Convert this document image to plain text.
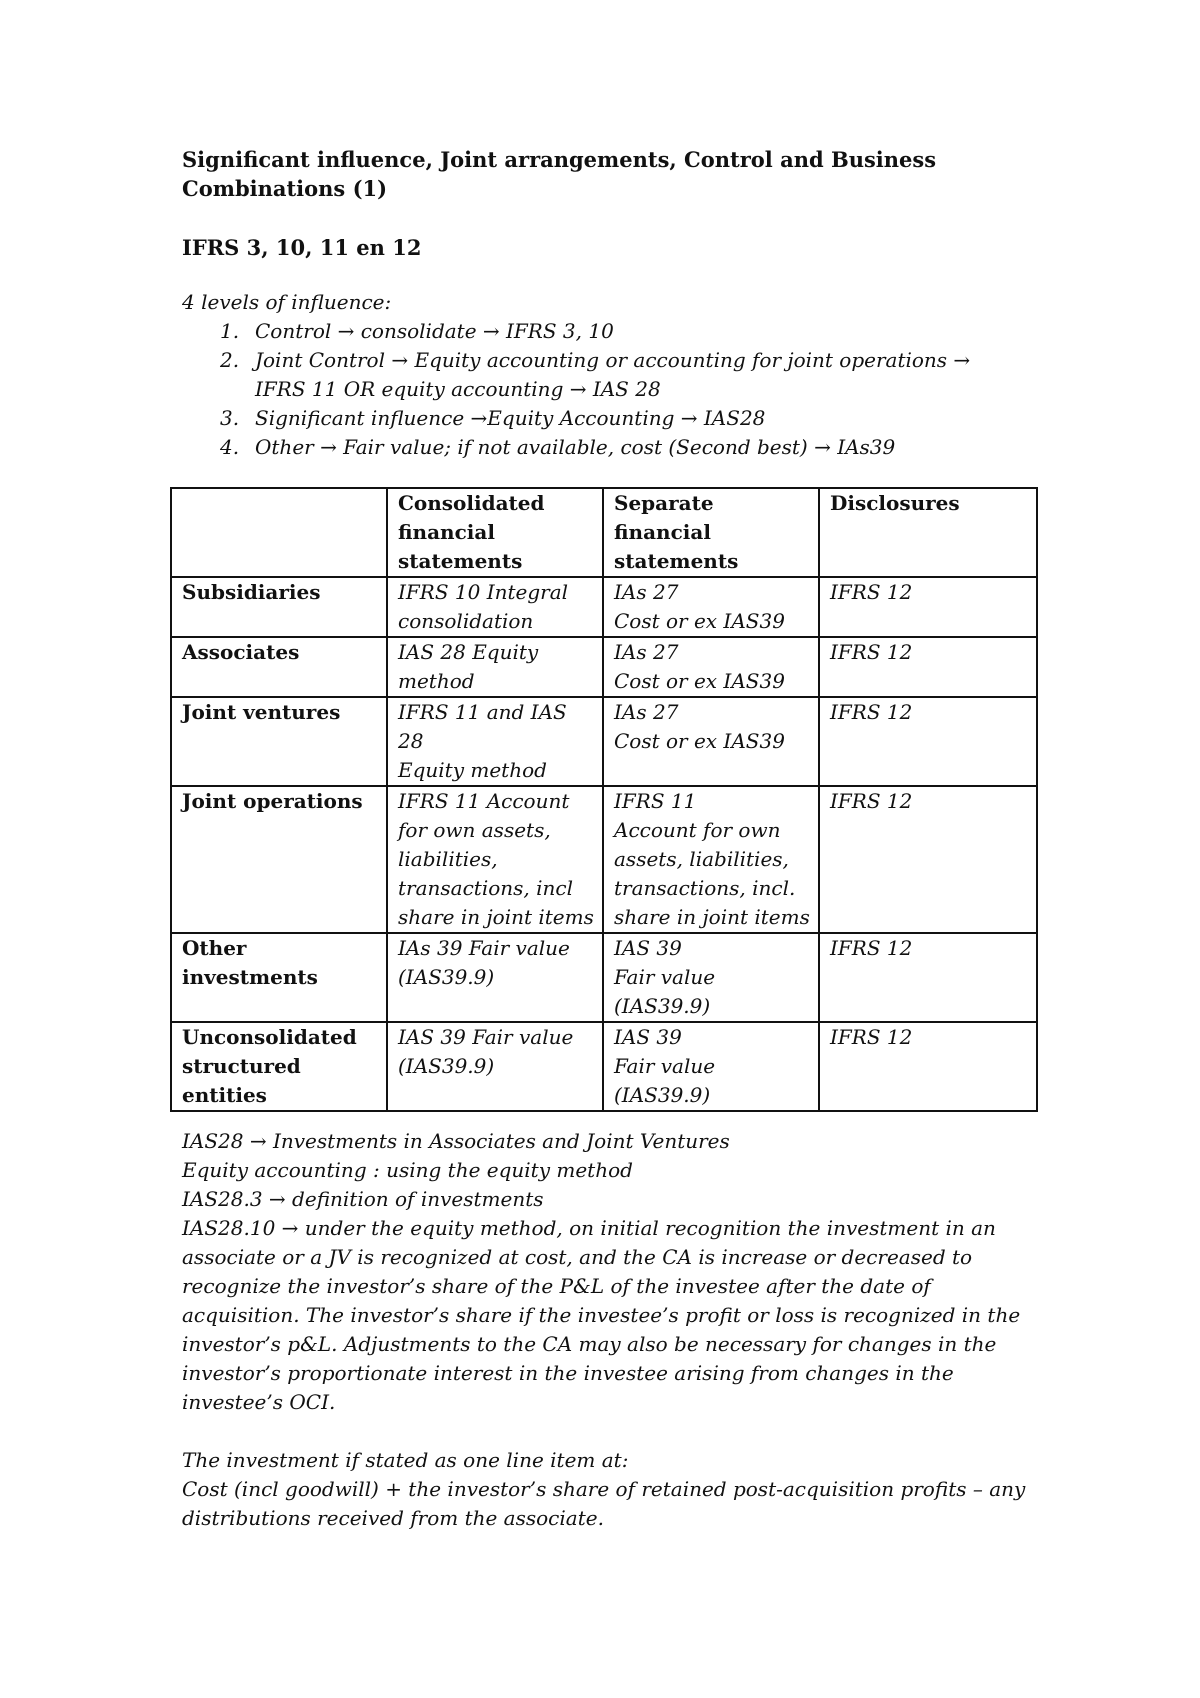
Significant influence, Joint arrangements, Control and Business Combinations (1)
IFRS 3, 10, 11 en 12
4 levels of influence:
1. Control → consolidate → IFRS 3, 10
2. Joint Control → Equity accounting or accounting for joint operations →
IFRS 11 OR equity accounting → IAS 28
3. Significant influence →Equity Accounting → IAS28
4. Other → Fair value; if not available, cost (Second best) → IAs39

	Consolidated
financial
statements	Separate
financial
statements	Disclosures

Subsidiaries	IFRS 10 Integral
consolidation	IAs 27
Cost or ex IAS39	IFRS 12

Associates	IAS 28 Equity
method	IAs 27
Cost or ex IAS39	IFRS 12

Joint ventures	IFRS 11 and IAS 28
Equity method	IAs 27
Cost or ex IAS39	IFRS 12

Joint operations	IFRS 11 Account
for own assets,
liabilities,
transactions, incl
share in joint items	IFRS 11
Account for own
assets, liabilities,
transactions, incl.
share in joint items	IFRS 12

Other
investments	IAs 39 Fair value
(IAS39.9)	IAS 39
Fair value
(IAS39.9)	IFRS 12

Unconsolidated
structured
entities	IAS 39 Fair value
(IAS39.9)	IAS 39
Fair value
(IAS39.9)	IFRS 12
IAS28 → Investments in Associates and Joint Ventures
Equity accounting : using the equity method
IAS28.3 → definition of investments
IAS28.10 → under the equity method, on initial recognition the investment in an
associate or a JV is recognized at cost, and the CA is increase or decreased to
recognize the investor’s share of the P&L of the investee after the date of
acquisition. The investor’s share if the investee’s profit or loss is recognized in the
investor’s p&L. Adjustments to the CA may also be necessary for changes in the
investor’s proportionate interest in the investee arising from changes in the
investee’s OCI.
The investment if stated as one line item at:
Cost (incl goodwill) + the investor’s share of retained post-acquisition profits – any
distributions received from the associate.
